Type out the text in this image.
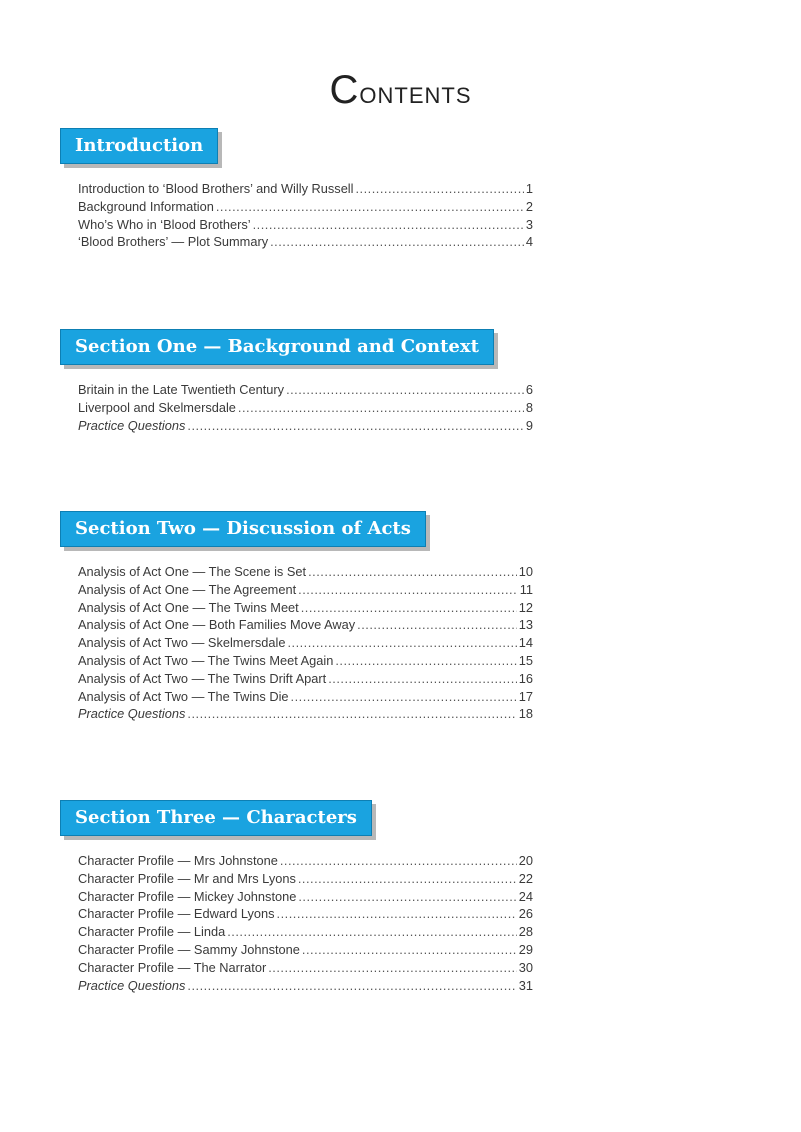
Contents
Introduction
Introduction to ‘Blood Brothers’ and Willy Russell .....	1
Background Information .....	2
Who’s Who in ‘Blood Brothers’ .....	3
‘Blood Brothers’ — Plot Summary .....	4
Section One — Background and Context
Britain in the Late Twentieth Century .....	6
Liverpool and Skelmersdale .....	8
Practice Questions .....	9
Section Two — Discussion of Acts
Analysis of Act One — The Scene is Set .....	10
Analysis of Act One — The Agreement .....	11
Analysis of Act One — The Twins Meet .....	12
Analysis of Act One — Both Families Move Away .....	13
Analysis of Act Two — Skelmersdale .....	14
Analysis of Act Two — The Twins Meet Again .....	15
Analysis of Act Two — The Twins Drift Apart .....	16
Analysis of Act Two — The Twins Die .....	17
Practice Questions .....	18
Section Three — Characters
Character Profile — Mrs Johnstone .....	20
Character Profile — Mr and Mrs Lyons .....	22
Character Profile — Mickey Johnstone .....	24
Character Profile — Edward Lyons .....	26
Character Profile — Linda .....	28
Character Profile — Sammy Johnstone .....	29
Character Profile — The Narrator .....	30
Practice Questions .....	31
